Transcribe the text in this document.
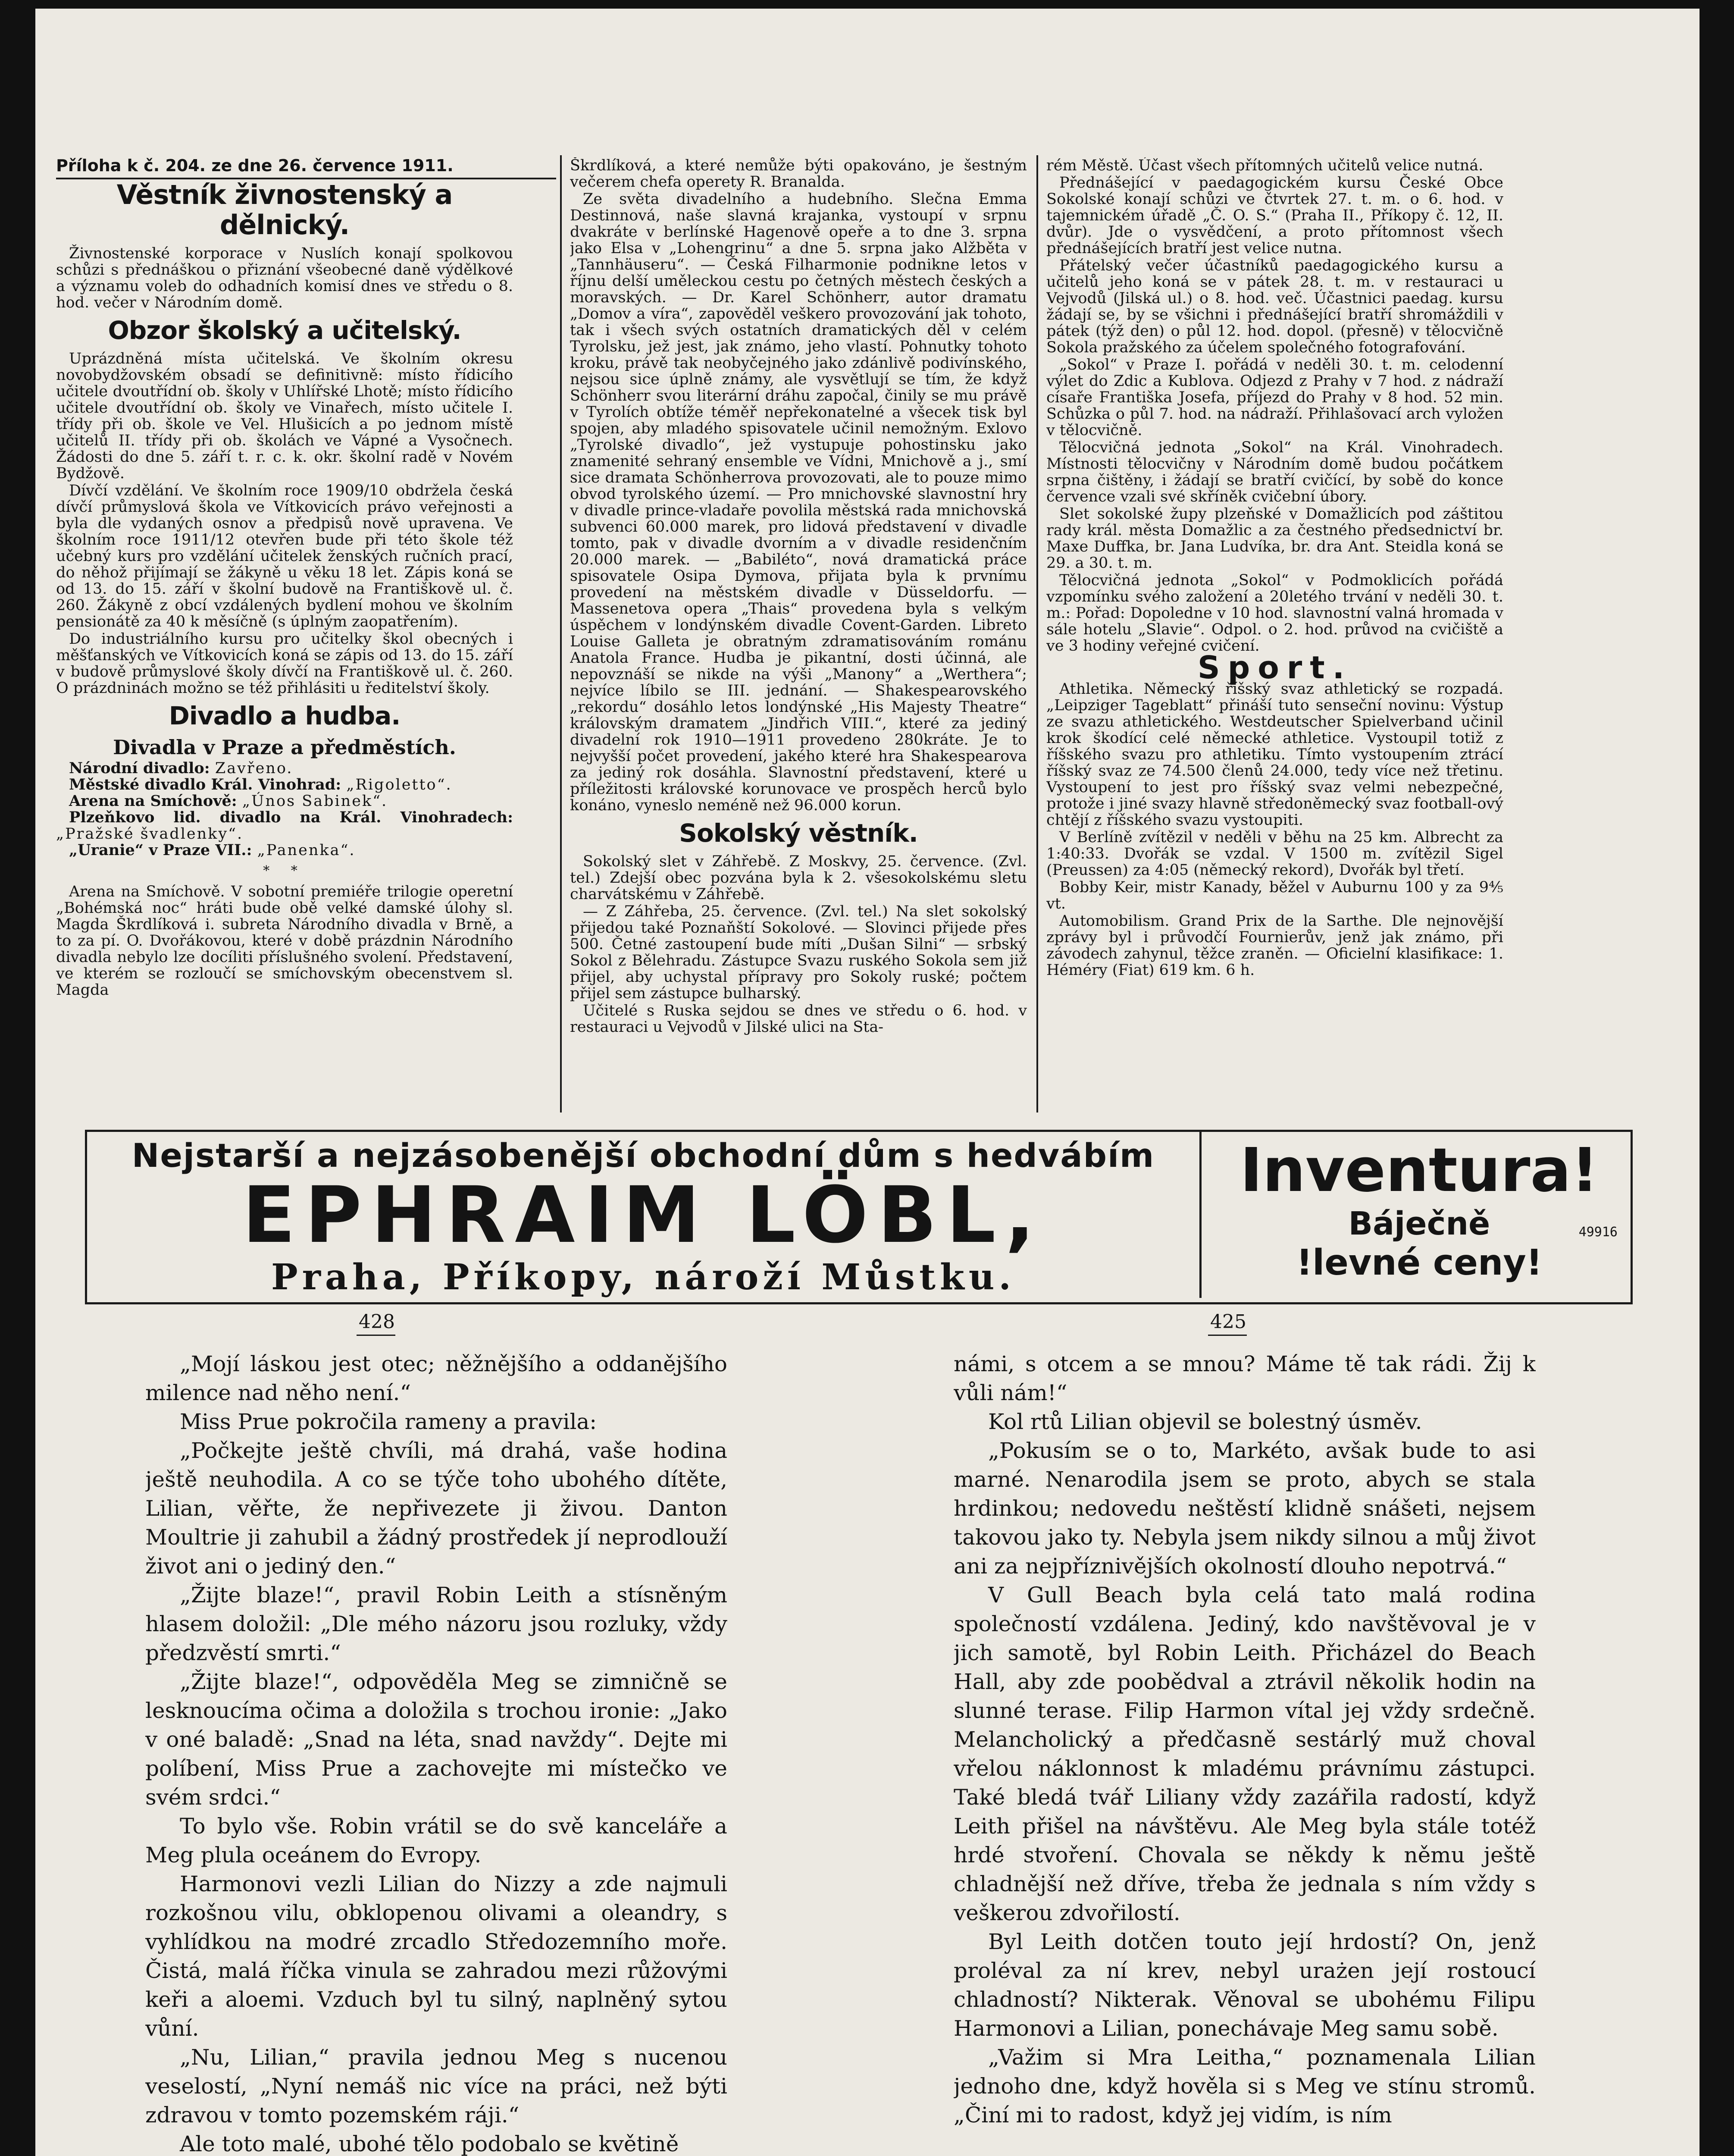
Příloha k č. 204. ze dne 26. července 1911.

Věstník živnostenský a dělnický.

Živnostenské korporace v Nuslích konají spolkovou schůzi s přednáškou o přiznání všeobecné daně výdělkové a významu voleb do odhadních komisí dnes ve středu o 8. hod. večer v Národním domě.

Obzor školský a učitelský.

Uprázdněná místa učitelská. Ve školním okresu novobydžovském obsadí se definitivně: místo řídicího učitele dvoutřídní ob. školy v Uhlířské Lhotě; místo řídicího učitele dvoutřídní ob. školy ve Vinařech, místo učitele I. třídy při ob. škole ve Vel. Hlušicích a po jednom místě učitelů II. třídy při ob. školách ve Vápné a Vysočnech. Žádosti do dne 5. září t. r. c. k. okr. školní radě v Novém Bydžově.

Dívčí vzdělání. Ve školním roce 1909/10 obdržela česká dívčí průmyslová škola ve Vítkovicích právo veřejnosti a byla dle vydaných osnov a předpisů nově upravena. Ve školním roce 1911/12 otevřen bude při této škole též učebný kurs pro vzdělání učitelek ženských ručních prací, do něhož přijímají se žákyně u věku 18 let. Zápis koná se od 13. do 15. září v školní budově na Františkově ul. č. 260. Žákyně z obcí vzdálených bydlení mohou ve školním pensionátě za 40 k měsíčně (s úplným zaopatřením).

Do industriálního kursu pro učitelky škol obecných i měšťanských ve Vítkovicích koná se zápis od 13. do 15. září v budově průmyslové školy dívčí na Františkově ul. č. 260. O prázdninách možno se též přihlásiti u ředitelství školy.

Divadlo a hudba.
Divadla v Praze a předměstích.

Národní divadlo: Zavřeno.

Městské divadlo Král. Vinohrad: „Rigoletto“.

Arena na Smíchově: „Únos Sabinek“.

Plzeňkovo lid. divadlo na Král. Vinohradech: „Pražské švadlenky“.

„Uranie“ v Praze VII.: „Panenka“.

* *

Arena na Smíchově. V sobotní premiéře trilogie operetní „Bohémská noc“ hráti bude obě velké damské úlohy sl. Magda Škrdlíková i. subreta Národního divadla v Brně, a to za pí. O. Dvořákovou, které v době prázdnin Národního divadla nebylo lze docíliti příslušného svolení. Představení, ve kterém se rozloučí se smíchovským obecenstvem sl. Magda

Škrdlíková, a které nemůže býti opakováno, je šestným večerem chefa operety R. Branalda.

Ze světa divadelního a hudebního. Slečna Emma Destinnová, naše slavná krajanka, vystoupí v srpnu dvakráte v berlínské Hagenově opeře a to dne 3. srpna jako Elsa v „Lohengrinu“ a dne 5. srpna jako Alžběta v „Tannhäuseru“. — Česká Filharmonie podnikne letos v říjnu delší uměleckou cestu po četných městech českých a moravských. — Dr. Karel Schönherr, autor dramatu „Domov a víra“, zapověděl veškero provozování jak tohoto, tak i všech svých ostatních dramatických děl v celém Tyrolsku, jež jest, jak známo, jeho vlastí. Pohnutky tohoto kroku, právě tak neobyčejného jako zdánlivě podivínského, nejsou sice úplně známy, ale vysvětlují se tím, že když Schönherr svou literární dráhu započal, činily se mu právě v Tyrolích obtíže téměř nepřekonatelné a všecek tisk byl spojen, aby mladého spisovatele učinil nemožným. Exlovo „Tyrolské divadlo“, jež vystupuje pohostinsku jako znamenité sehraný ensemble ve Vídni, Mnichově a j., smí sice dramata Schönherrova provozovati, ale to pouze mimo obvod tyrolského území. — Pro mnichovské slavnostní hry v divadle prince-vladaře povolila městská rada mnichovská subvenci 60.000 marek, pro lidová představení v divadle tomto, pak v divadle dvorním a v divadle residenčním 20.000 marek. — „Babiléto“, nová dramatická práce spisovatele Osipa Dymova, přijata byla k prvnímu provedení na městském divadle v Düsseldorfu. — Massenetova opera „Thais“ provedena byla s velkým úspěchem v londýnském divadle Covent-Garden. Libreto Louise Galleta je obratným zdramatisováním románu Anatola France. Hudba je pikantní, dosti účinná, ale nepovznáší se nikde na výši „Manony“ a „Werthera“; nejvíce líbilo se III. jednání. — Shakespearovského „rekordu“ dosáhlo letos londýnské „His Majesty Theatre“ královským dramatem „Jindřich VIII.“, které za jediný divadelní rok 1910—1911 provedeno 280kráte. Je to nejvyšší počet provedení, jakého které hra Shakespearova za jediný rok dosáhla. Slavnostní představení, které u příležitosti královské korunovace ve prospěch herců bylo konáno, vyneslo neméně než 96.000 korun.

Sokolský věstník.

Sokolský slet v Záhřebě. Z Moskvy, 25. července. (Zvl. tel.) Zdejší obec pozvána byla k 2. všesokolskému sletu charvátskému v Záhřebě.

— Z Záhřeba, 25. července. (Zvl. tel.) Na slet sokolský přijedou také Poznaňští Sokolové. — Slovinci přijede přes 500. Četné zastoupení bude míti „Dušan Silni“ — srbský Sokol z Bělehradu. Zástupce Svazu ruského Sokola sem již přijel, aby uchystal přípravy pro Sokoly ruské; počtem přijel sem zástupce bulharský.

Učitelé s Ruska sejdou se dnes ve středu o 6. hod. v restauraci u Vejvodů v Jilské ulici na Sta-

rém Městě. Účast všech přítomných učitelů velice nutná.

Přednášející v paedagogickém kursu České Obce Sokolské konají schůzi ve čtvrtek 27. t. m. o 6. hod. v tajemnickém úřadě „Č. O. S.“ (Praha II., Příkopy č. 12, II. dvůr). Jde o vysvědčení, a proto přítomnost všech přednášejících bratří jest velice nutna.

Přátelský večer účastníků paedagogického kursu a učitelů jeho koná se v pátek 28. t. m. v restauraci u Vejvodů (Jilská ul.) o 8. hod. več. Účastnici paedag. kursu žádají se, by se všichni i přednášející bratří shromáždili v pátek (týž den) o půl 12. hod. dopol. (přesně) v tělocvičně Sokola pražského za účelem společného fotografování.

„Sokol“ v Praze I. pořádá v neděli 30. t. m. celodenní výlet do Zdic a Kublova. Odjezd z Prahy v 7 hod. z nádraží císaře Františka Josefa, příjezd do Prahy v 8 hod. 52 min. Schůzka o půl 7. hod. na nádraží. Přihlašovací arch vyložen v tělocvičně.

Tělocvičná jednota „Sokol“ na Král. Vinohradech. Místnosti tělocvičny v Národním domě budou počátkem srpna čištěny, i žádají se bratří cvičící, by sobě do konce července vzali své skříněk cvičební úbory.

Slet sokolské župy plzeňské v Domažlicích pod záštitou rady král. města Domažlic a za čestného předsednictví br. Maxe Duffka, br. Jana Ludvíka, br. dra Ant. Steidla koná se 29. a 30. t. m.

Tělocvičná jednota „Sokol“ v Podmoklicích pořádá vzpomínku svého založení a 20letého trvání v neděli 30. t. m.: Pořad: Dopoledne v 10 hod. slavnostní valná hromada v sále hotelu „Slavie“. Odpol. o 2. hod. průvod na cvičiště a ve 3 hodiny veřejné cvičení.

Sport.

Athletika. Německý říšský svaz athletický se rozpadá. „Leipziger Tageblatt“ přináší tuto senseční novinu: Výstup ze svazu athletického. Westdeutscher Spielverband učinil krok škodící celé německé athletice. Vystoupil totiž z říšského svazu pro athletiku. Tímto vystoupením ztrácí říšský svaz ze 74.500 členů 24.000, tedy více než třetinu. Vystoupení to jest pro říšský svaz velmi nebezpečné, protože i jiné svazy hlavně středoněmecký svaz football-ový chtějí z říšského svazu vystoupiti.

V Berlíně zvítězil v neděli v běhu na 25 km. Albrecht za 1:40:33. Dvořák se vzdal. V 1500 m. zvítězil Sigel (Preussen) za 4:05 (německý rekord), Dvořák byl třetí.

Bobby Keir, mistr Kanady, běžel v Auburnu 100 y za 9⁴⁄₅ vt.

Automobilism. Grand Prix de la Sarthe. Dle nejnovější zprávy byl i průvodčí Fournierův, jenž jak známo, při závodech zahynul, těžce zraněn. — Oficielní klasifikace: 1. Héméry (Fiat) 619 km. 6 h.

Nejstarší a nejzásobenější obchodní dům s hedvábím
EPHRAIM LÖBL,
Praha, Příkopy, nároží Můstku.
Inventura!
Báječně
!levné ceny!
49916
428	425

„Mojí láskou jest otec; něžnějšího a oddanějšího milence nad něho není.“

Miss Prue pokročila rameny a pravila:

„Počkejte ještě chvíli, má drahá, vaše hodina ještě neuhodila. A co se týče toho ubohého dítěte, Lilian, věřte, že nepřivezete ji živou. Danton Moultrie ji zahubil a žádný prostředek jí neprodlouží život ani o jediný den.“

„Žijte blaze!“, pravil Robin Leith a stísněným hlasem doložil: „Dle mého názoru jsou rozluky, vždy předzvěstí smrti.“

„Žijte blaze!“, odpověděla Meg se zimničně se lesknoucíma očima a doložila s trochou ironie: „Jako v oné baladě: „Snad na léta, snad navždy“. Dejte mi políbení, Miss Prue a zachovejte mi místečko ve svém srdci.“

To bylo vše. Robin vrátil se do svě kanceláře a Meg plula oceánem do Evropy.

Harmonovi vezli Lilian do Nizzy a zde najmuli rozkošnou vilu, obklopenou olivami a oleandry, s vyhlídkou na modré zrcadlo Středozemního moře. Čistá, malá říčka vinula se zahradou mezi růžovými keři a aloemi. Vzduch byl tu silný, naplněný sytou vůní.

„Nu, Lilian,“ pravila jednou Meg s nucenou veselostí, „Nyní nemáš nic více na práci, než býti zdravou v tomto pozemském ráji.“

Ale toto malé, ubohé tělo podobalo se květině

námi, s otcem a se mnou? Máme tě tak rádi. Žij k vůli nám!“

Kol rtů Lilian objevil se bolestný úsměv.

„Pokusím se o to, Markéto, avšak bude to asi marné. Nenarodila jsem se proto, abych se stala hrdinkou; nedovedu neštěstí klidně snášeti, nejsem takovou jako ty. Nebyla jsem nikdy silnou a můj život ani za nejpříznivějších okolností dlouho nepotrvá.“

V Gull Beach byla celá tato malá rodina společností vzdálena. Jediný, kdo navštěvoval je v jich samotě, byl Robin Leith. Přicházel do Beach Hall, aby zde poobědval a ztrávil několik hodin na slunné terase. Filip Harmon vítal jej vždy srdečně. Melancholický a předčasně sestárlý muž choval vřelou náklonnost k mladému právnímu zástupci. Také bledá tvář Liliany vždy zazářila radostí, když Leith přišel na návštěvu. Ale Meg byla stále totéž hrdé stvoření. Chovala se někdy k němu ještě chladnější než dříve, třeba že jednala s ním vždy s veškerou zdvořilostí.

Byl Leith dotčen touto její hrdostí? On, jenž proléval za ní krev, nebyl urażen její rostoucí chladností? Nikterak. Věnoval se ubohému Filipu Harmonovi a Lilian, ponechávaje Meg samu sobě.

„Važim si Mra Leitha,“ poznamenala Lilian jednoho dne, když hověla si s Meg ve stínu stromů. „Činí mi to radost, když jej vidím, is ním
